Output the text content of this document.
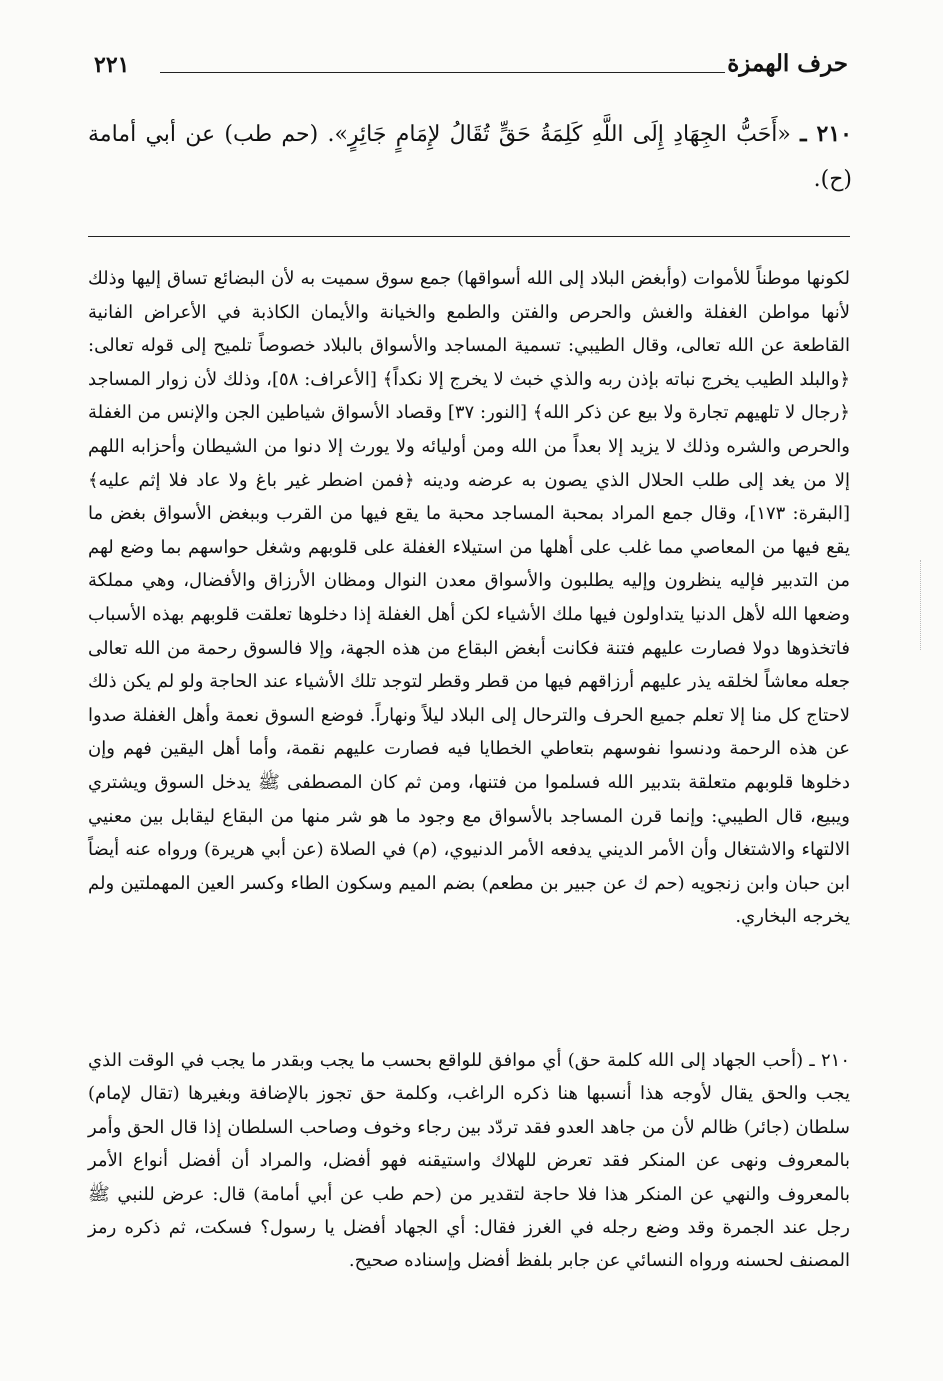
حرف الهمزة
٢٢١
٢١٠ ـ «أَحَبُّ الجِهَادِ إِلَى اللَّهِ كَلِمَةُ حَقٍّ تُقَالُ لإِمَامٍ جَائِرٍ». (حم طب) عن أبي أمامة (ح).

لكونها موطناً للأموات (وأبغض البلاد إلى الله أسواقها) جمع سوق سميت به لأن البضائع تساق إليها وذلك لأنها مواطن الغفلة والغش والحرص والفتن والطمع والخيانة والأيمان الكاذبة في الأعراض الفانية القاطعة عن الله تعالى، وقال الطيبي: تسمية المساجد والأسواق بالبلاد خصوصاً تلميح إلى قوله تعالى: ﴿والبلد الطيب يخرج نباته بإذن ربه والذي خبث لا يخرج إلا نكداً﴾ [الأعراف: ٥٨]، وذلك لأن زوار المساجد ﴿رجال لا تلهيهم تجارة ولا بيع عن ذكر الله﴾ [النور: ٣٧] وقصاد الأسواق شياطين الجن والإنس من الغفلة والحرص والشره وذلك لا يزيد إلا بعداً من الله ومن أوليائه ولا يورث إلا دنوا من الشيطان وأحزابه اللهم إلا من يغد إلى طلب الحلال الذي يصون به عرضه ودينه ﴿فمن اضطر غير باغ ولا عاد فلا إثم عليه﴾ [البقرة: ١٧٣]، وقال جمع المراد بمحبة المساجد محبة ما يقع فيها من القرب وببغض الأسواق بغض ما يقع فيها من المعاصي مما غلب على أهلها من استيلاء الغفلة على قلوبهم وشغل حواسهم بما وضع لهم من التدبير فإليه ينظرون وإليه يطلبون والأسواق معدن النوال ومظان الأرزاق والأفضال، وهي مملكة وضعها الله لأهل الدنيا يتداولون فيها ملك الأشياء لكن أهل الغفلة إذا دخلوها تعلقت قلوبهم بهذه الأسباب فاتخذوها دولا فصارت عليهم فتنة فكانت أبغض البقاع من هذه الجهة، وإلا فالسوق رحمة من الله تعالى جعله معاشاً لخلقه يذر عليهم أرزاقهم فيها من قطر وقطر لتوجد تلك الأشياء عند الحاجة ولو لم يكن ذلك لاحتاج كل منا إلا تعلم جميع الحرف والترحال إلى البلاد ليلاً ونهاراً. فوضع السوق نعمة وأهل الغفلة صدوا عن هذه الرحمة ودنسوا نفوسهم بتعاطي الخطايا فيه فصارت عليهم نقمة، وأما أهل اليقين فهم وإن دخلوها قلوبهم متعلقة بتدبير الله فسلموا من فتنها، ومن ثم كان المصطفى ﷺ يدخل السوق ويشتري ويبيع، قال الطيبي: وإنما قرن المساجد بالأسواق مع وجود ما هو شر منها من البقاع ليقابل بين معنيي الالتهاء والاشتغال وأن الأمر الديني يدفعه الأمر الدنيوي، (م) في الصلاة (عن أبي هريرة) ورواه عنه أيضاً ابن حبان وابن زنجويه (حم ك عن جبير بن مطعم) بضم الميم وسكون الطاء وكسر العين المهملتين ولم يخرجه البخاري.

٢١٠ ـ (أحب الجهاد إلى الله كلمة حق) أي موافق للواقع بحسب ما يجب وبقدر ما يجب في الوقت الذي يجب والحق يقال لأوجه هذا أنسبها هنا ذكره الراغب، وكلمة حق تجوز بالإضافة وبغيرها (تقال لإمام) سلطان (جائر) ظالم لأن من جاهد العدو فقد تردّد بين رجاء وخوف وصاحب السلطان إذا قال الحق وأمر بالمعروف ونهى عن المنكر فقد تعرض للهلاك واستيقنه فهو أفضل، والمراد أن أفضل أنواع الأمر بالمعروف والنهي عن المنكر هذا فلا حاجة لتقدير من (حم طب عن أبي أمامة) قال: عرض للنبي ﷺ رجل عند الجمرة وقد وضع رجله في الغرز فقال: أي الجهاد أفضل يا رسول؟ فسكت، ثم ذكره رمز المصنف لحسنه ورواه النسائي عن جابر بلفظ أفضل وإسناده صحيح.
